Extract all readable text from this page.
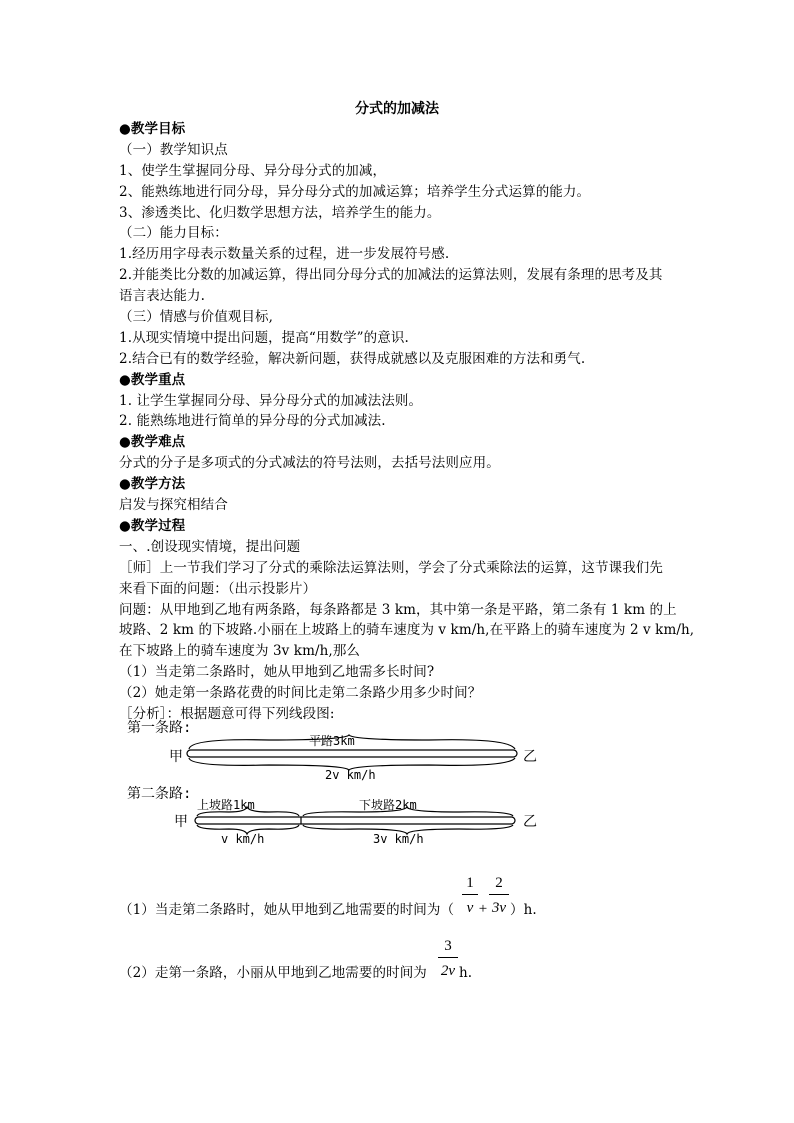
分式的加减法
●教学目标
（一）教学知识点
1、使学生掌握同分母、异分母分式的加减，
2、能熟练地进行同分母，异分母分式的加减运算；培养学生分式运算的能力。
3、渗透类比、化归数学思想方法，培养学生的能力。
（二）能力目标：
1.经历用字母表示数量关系的过程，进一步发展符号感.
2.并能类比分数的加减运算，得出同分母分式的加减法的运算法则，发展有条理的思考及其
语言表达能力.
（三）情感与价值观目标,
1.从现实情境中提出问题，提高“用数学”的意识.
2.结合已有的数学经验，解决新问题，获得成就感以及克服困难的方法和勇气.
●教学重点
1. 让学生掌握同分母、异分母分式的加减法法则。
2. 能熟练地进行简单的异分母的分式加减法.
●教学难点
分式的分子是多项式的分式减法的符号法则，去括号法则应用。
●教学方法
启发与探究相结合
●教学过程
一、.创设现实情境，提出问题
［师］上一节我们学习了分式的乘除法运算法则，学会了分式乘除法的运算，这节课我们先
来看下面的问题：（出示投影片）
问题：从甲地到乙地有两条路，每条路都是 3 km，其中第一条是平路，第二条有 1 km 的上
坡路、2 km 的下坡路.小丽在上坡路上的骑车速度为 v km/h,在平路上的骑车速度为 2 v km/h,
在下坡路上的骑车速度为 3v km/h,那么
（1）当走第二条路时，她从甲地到乙地需多长时间?
（2）她走第一条路花费的时间比走第二条路少用多少时间？
［分析］：根据题意可得下列线段图:
第一条路:
甲	乙
平路3km
2v km/h
第二条路:
甲	乙
上坡路1km	下坡路2km
v km/h	3v km/h
（1）当走第二条路时，她从甲地到乙地需要的时间为（
1
v +
2
3v ）h.
（2）走第一条路，小丽从甲地到乙地需要的时间为
3
2v h.
